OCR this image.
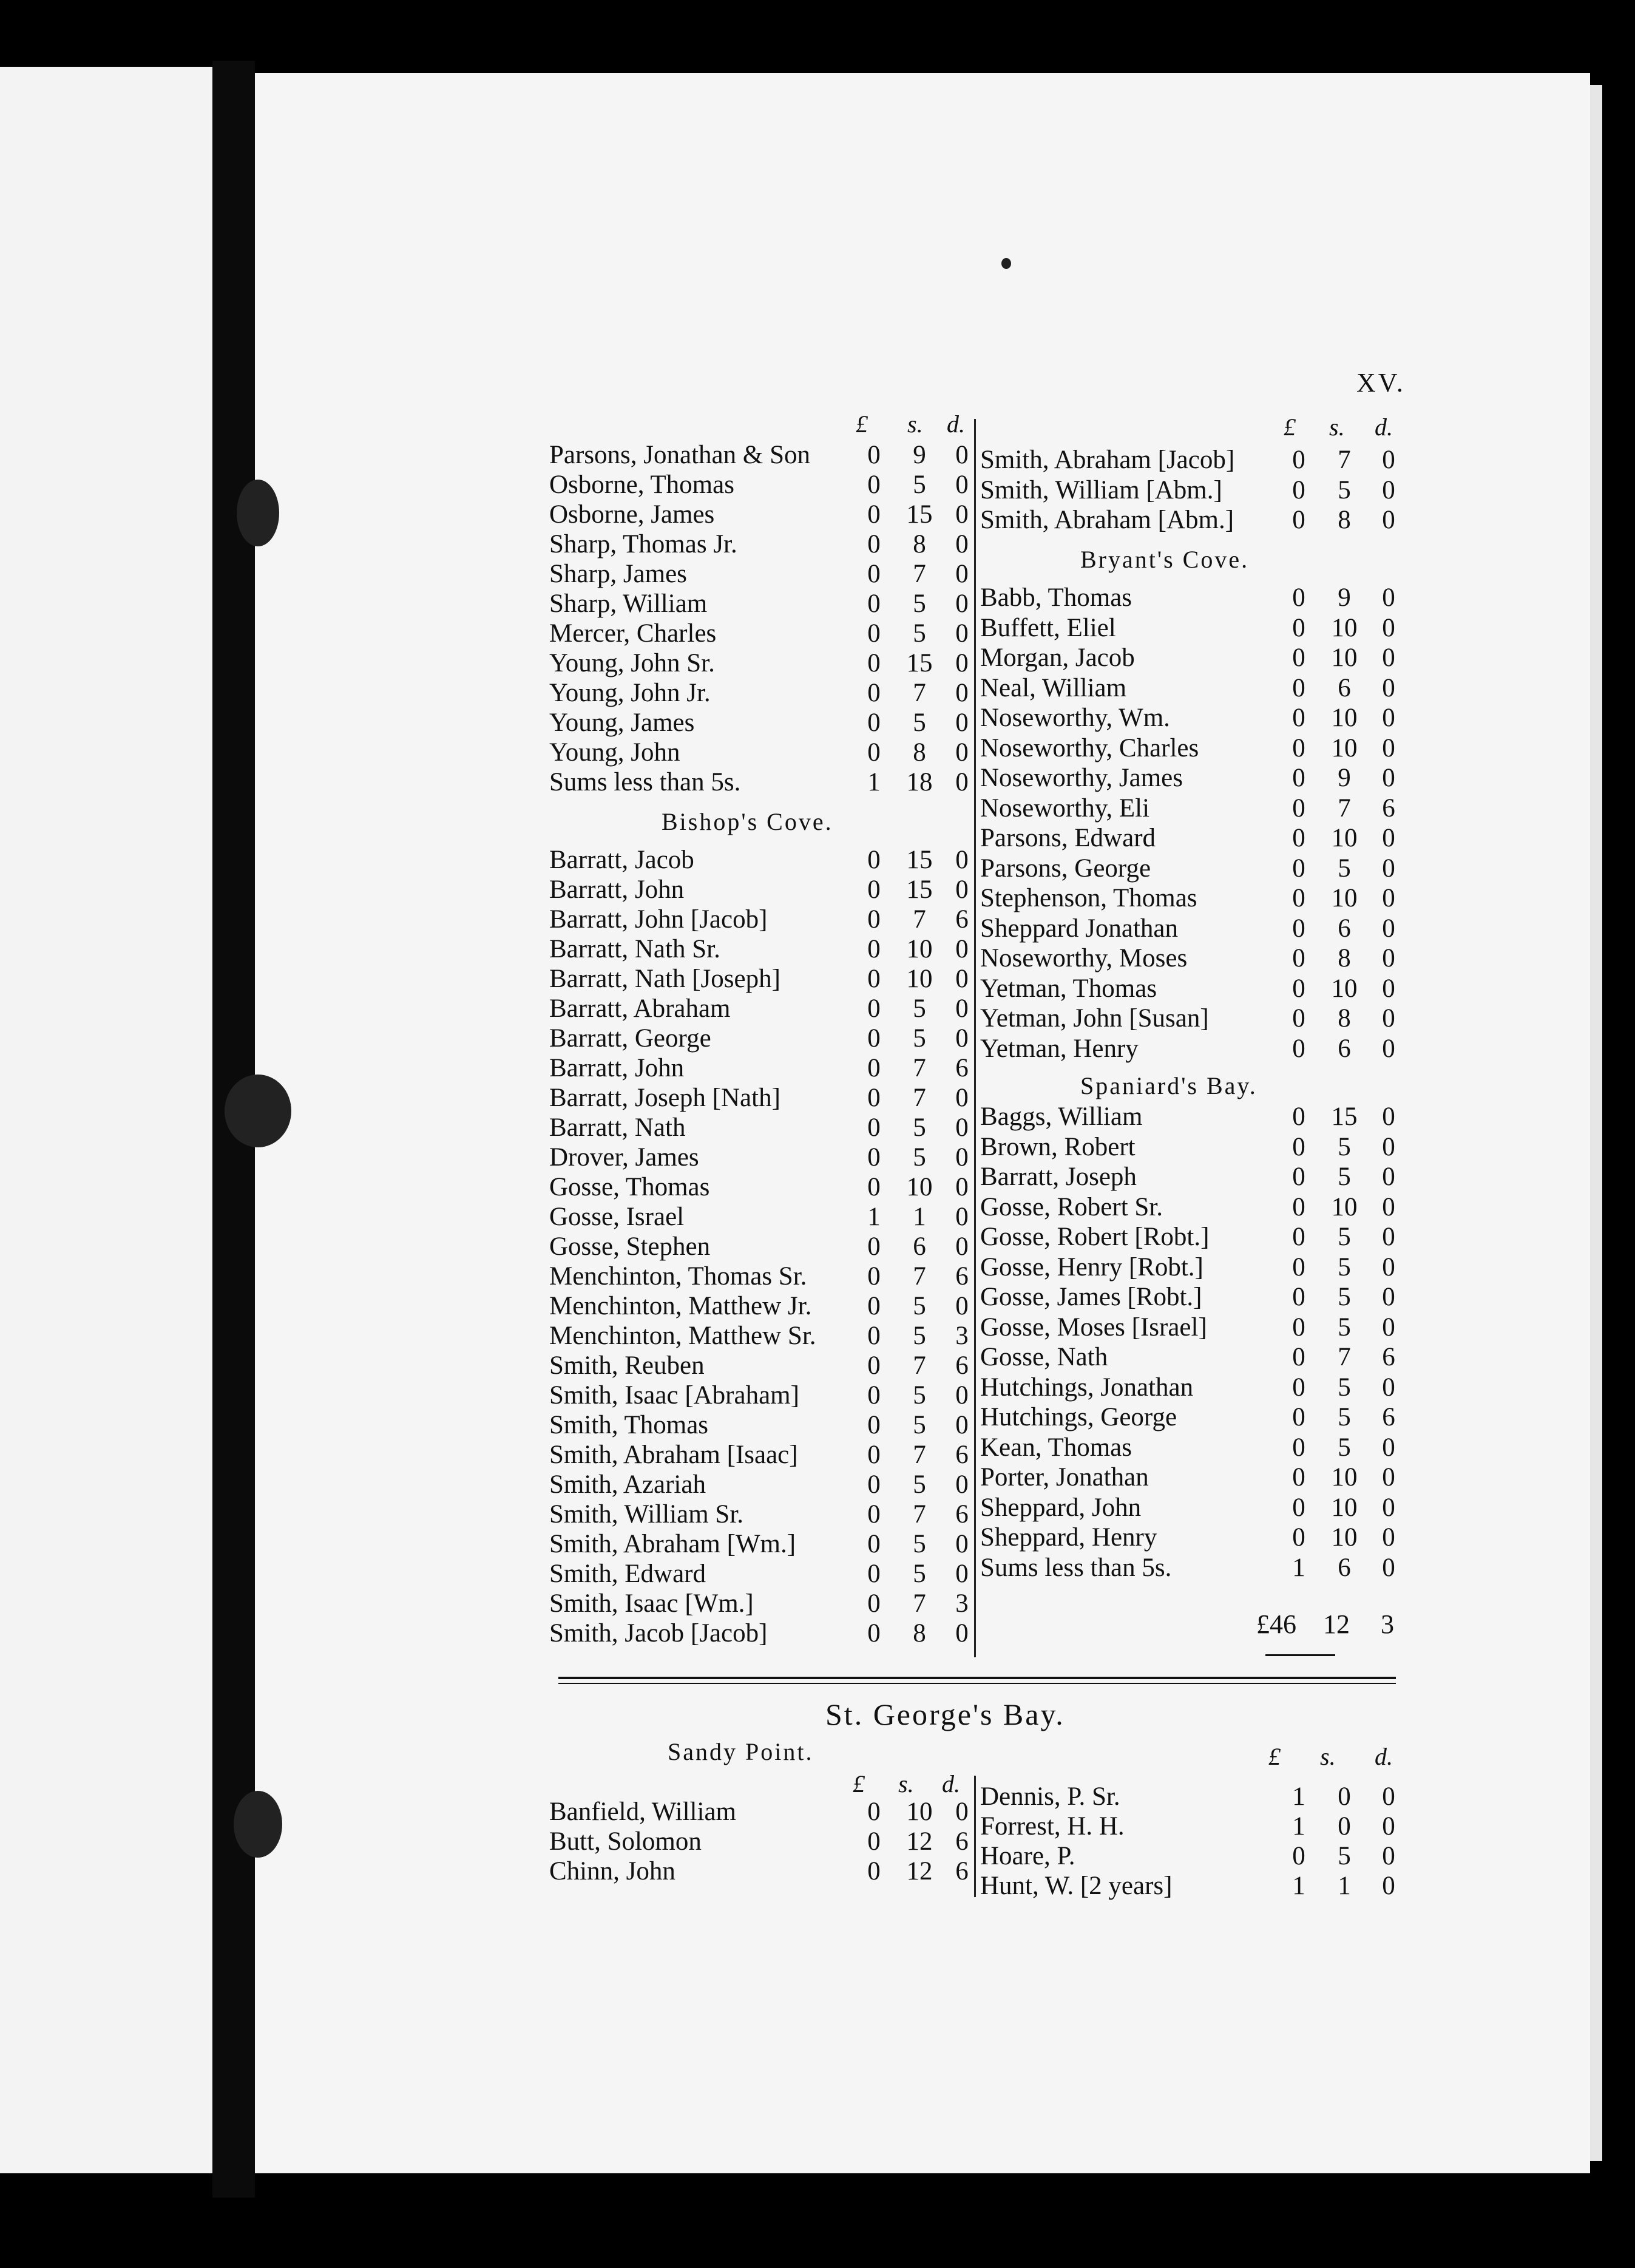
XV.
£ s. d.	£ s. d.
Parsons, Jonathan & Son	0	9	0
Osborne, Thomas	0	5	0
Osborne, James	0 15 0
Sharp, Thomas Jr.	0	8	0
Sharp, James	0	7	0
Sharp, William	0	5	0
Mercer, Charles	0	5	0
Young, John Sr.	0 15 0
Young, John Jr.	0	7	0
Young, James	0	5	0
Young, John	0	8	0
Sums less than 5s.	1 18 0
Bishop's Cove.
Barratt, Jacob	0 15 0
Barratt, John	0 15 0
Barratt, John [Jacob]	0	7	6
Barratt, Nath Sr.	0 10 0
Barratt, Nath [Joseph]	0 10 0
Barratt, Abraham	0	5	0
Barratt, George	0	5	0
Barratt, John	0	7	6
Barratt, Joseph [Nath]	0	7	0
Barratt, Nath	0	5	0
Drover, James	0	5	0
Gosse, Thomas	0 10 0
Gosse, Israel	1	1	0
Gosse, Stephen	0	6	0
Menchinton, Thomas Sr.	0	7	6
Menchinton, Matthew Jr.	0	5	0
Menchinton, Matthew Sr.	0	5	3
Smith, Reuben	0	7	6
Smith, Isaac [Abraham]	0	5	0
Smith, Thomas	0	5	0
Smith, Abraham [Isaac]	0	7	6
Smith, Azariah	0	5	0
Smith, William Sr.	0	7	6
Smith, Abraham [Wm.]	0	5	0
Smith, Edward	0	5	0
Smith, Isaac [Wm.]	0	7	3
Smith, Jacob [Jacob]	0	8	0
Smith, Abraham [Jacob]	0	7	0
Smith, William [Abm.]	0	5	0
Smith, Abraham [Abm.]	0	8	0
Bryant's Cove.
Babb, Thomas	0	9	0
Buffett, Eliel	0 10 0
Morgan, Jacob	0 10 0
Neal, William	0	6	0
Noseworthy, Wm.	0 10 0
Noseworthy, Charles	0 10 0
Noseworthy, James	0	9	0
Noseworthy, Eli	0	7	6
Parsons, Edward	0 10 0
Parsons, George	0	5	0
Stephenson, Thomas	0 10 0
Sheppard Jonathan	0	6	0
Noseworthy, Moses	0	8	0
Yetman, Thomas	0 10 0
Yetman, John [Susan]	0	8	0
Yetman, Henry	0	6	0
Spaniard's Bay.
Baggs, William	0 15 0
Brown, Robert	0	5	0
Barratt, Joseph	0	5	0
Gosse, Robert Sr.	0 10 0
Gosse, Robert [Robt.]	0	5	0
Gosse, Henry [Robt.]	0	5	0
Gosse, James [Robt.]	0	5	0
Gosse, Moses [Israel]	0	5	0
Gosse, Nath	0	7	6
Hutchings, Jonathan	0	5	0
Hutchings, George	0	5	6
Kean, Thomas	0	5	0
Porter, Jonathan	0 10 0
Sheppard, John	0 10 0
Sheppard, Henry	0 10 0
Sums less than 5s.	1	6	0
£46 12 3
St. George's Bay.
Sandy Point.
£ s. d.
£ s. d.
Banfield, William	0 10 0
Butt, Solomon	0 12 6
Chinn, John	0 12 6
Dennis, P. Sr.	1	0	0
Forrest, H. H.	1	0	0
Hoare, P.	0	5	0
Hunt, W. [2 years]	1	1	0
